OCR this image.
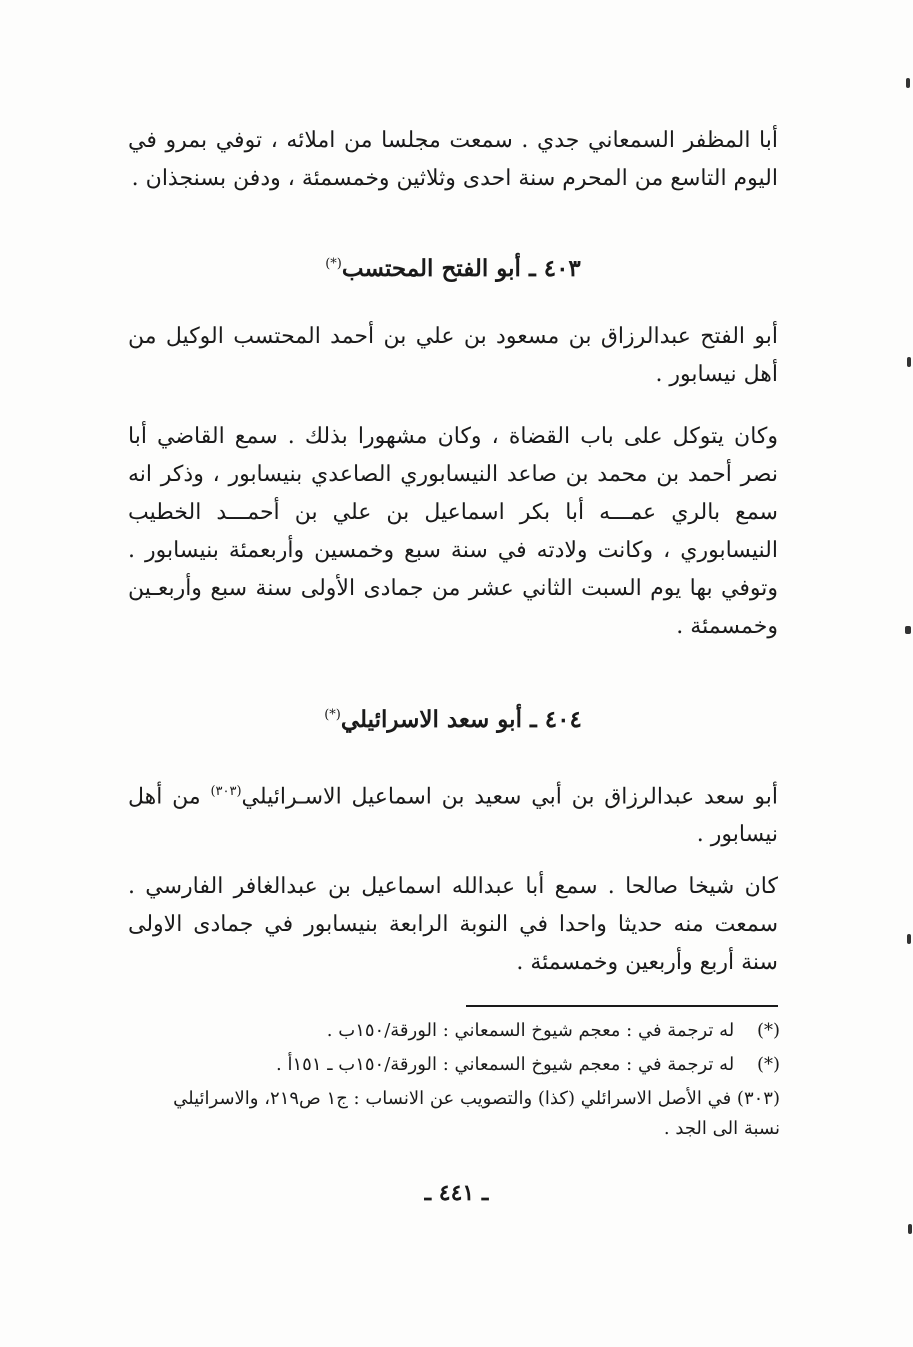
أبا المظفر السمعاني جدي . سمعت مجلسا من املائه ، توفي بمرو في اليوم التاسع من المحرم سنة احدى وثلاثين وخمسمئة ، ودفن بسنجذان .

٤٠٣ ـ أبو الفتح المحتسب(*)

أبو الفتح عبدالرزاق بن مسعود بن علي بن أحمد المحتسب الوكيل من أهل نيسابور .

وكان يتوكل على باب القضاة ، وكان مشهورا بذلك . سمع القاضي أبا نصر أحمد بن محمد بن صاعد النيسابوري الصاعدي بنيسابور ، وذكر انه سمع بالري عمـــه أبا بكر اسماعيل بن علي بن أحمـــد الخطيب النيسابوري ، وكانت ولادته في سنة سبع وخمسين وأربعمئة بنيسابور . وتوفي بها يوم السبت الثاني عشر من جمادى الأولى سنة سبع وأربعـين وخمسمئة .

٤٠٤ ـ أبو سعد الاسرائيلي(*)

أبو سعد عبدالرزاق بن أبي سعيد بن اسماعيل الاسـرائيلي$^{(٣٠٣)}$ من أهل نيسابور .

كان شيخا صالحا . سمع أبا عبدالله اسماعيل بن عبدالغافر الفارسي . سمعت منه حديثا واحدا في النوبة الرابعة بنيسابور في جمادى الاولى سنة أربع وأربعين وخمسمئة .

(*) له ترجمة في : معجم شيوخ السمعاني : الورقة/١٥٠ب .

(*) له ترجمة في : معجم شيوخ السمعاني : الورقة/١٥٠ب ـ ١٥١أ .

(٣٠٣) في الأصل الاسرائلي (كذا) والتصويب عن الانساب : ج١ ص٢١٩، والاسرائيلي نسبة الى الجد .

ـ ٤٤١ ـ
